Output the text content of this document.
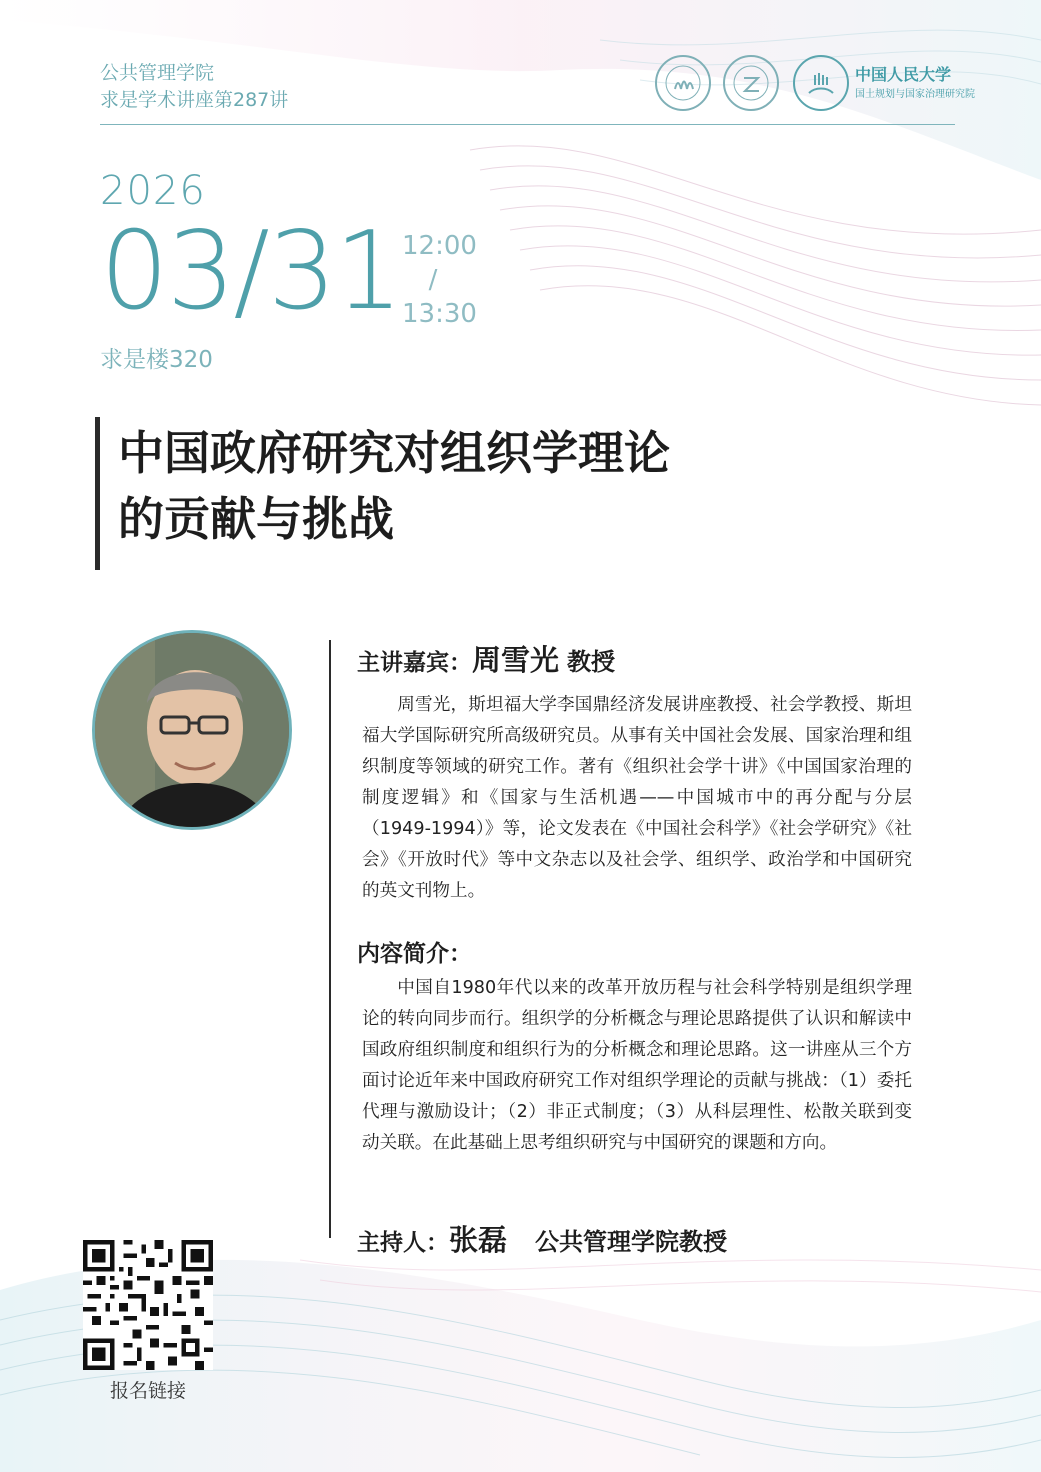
公共管理学院
求是学术讲座第287讲
中国人民大学
国土规划与国家治理研究院
2026
03/31 12:00
/
13:30
求是楼320
中国政府研究对组织学理论
的贡献与挑战
主讲嘉宾：周雪光 教授
周雪光，斯坦福大学李国鼎经济发展讲座教授、社会学教授、斯坦福大学国际研究所高级研究员。从事有关中国社会发展、国家治理和组织制度等领域的研究工作。著有《组织社会学十讲》《中国国家治理的制度逻辑》和《国家与生活机遇——中国城市中的再分配与分层（1949-1994）》等，论文发表在《中国社会科学》《社会学研究》《社会》《开放时代》等中文杂志以及社会学、组织学、政治学和中国研究的英文刊物上。
内容简介：
中国自1980年代以来的改革开放历程与社会科学特别是组织学理论的转向同步而行。组织学的分析概念与理论思路提供了认识和解读中国政府组织制度和组织行为的分析概念和理论思路。这一讲座从三个方面讨论近年来中国政府研究工作对组织学理论的贡献与挑战：（1）委托代理与激励设计；（2）非正式制度；（3）从科层理性、松散关联到变动关联。在此基础上思考组织研究与中国研究的课题和方向。
主持人：张磊 公共管理学院教授
报名链接
